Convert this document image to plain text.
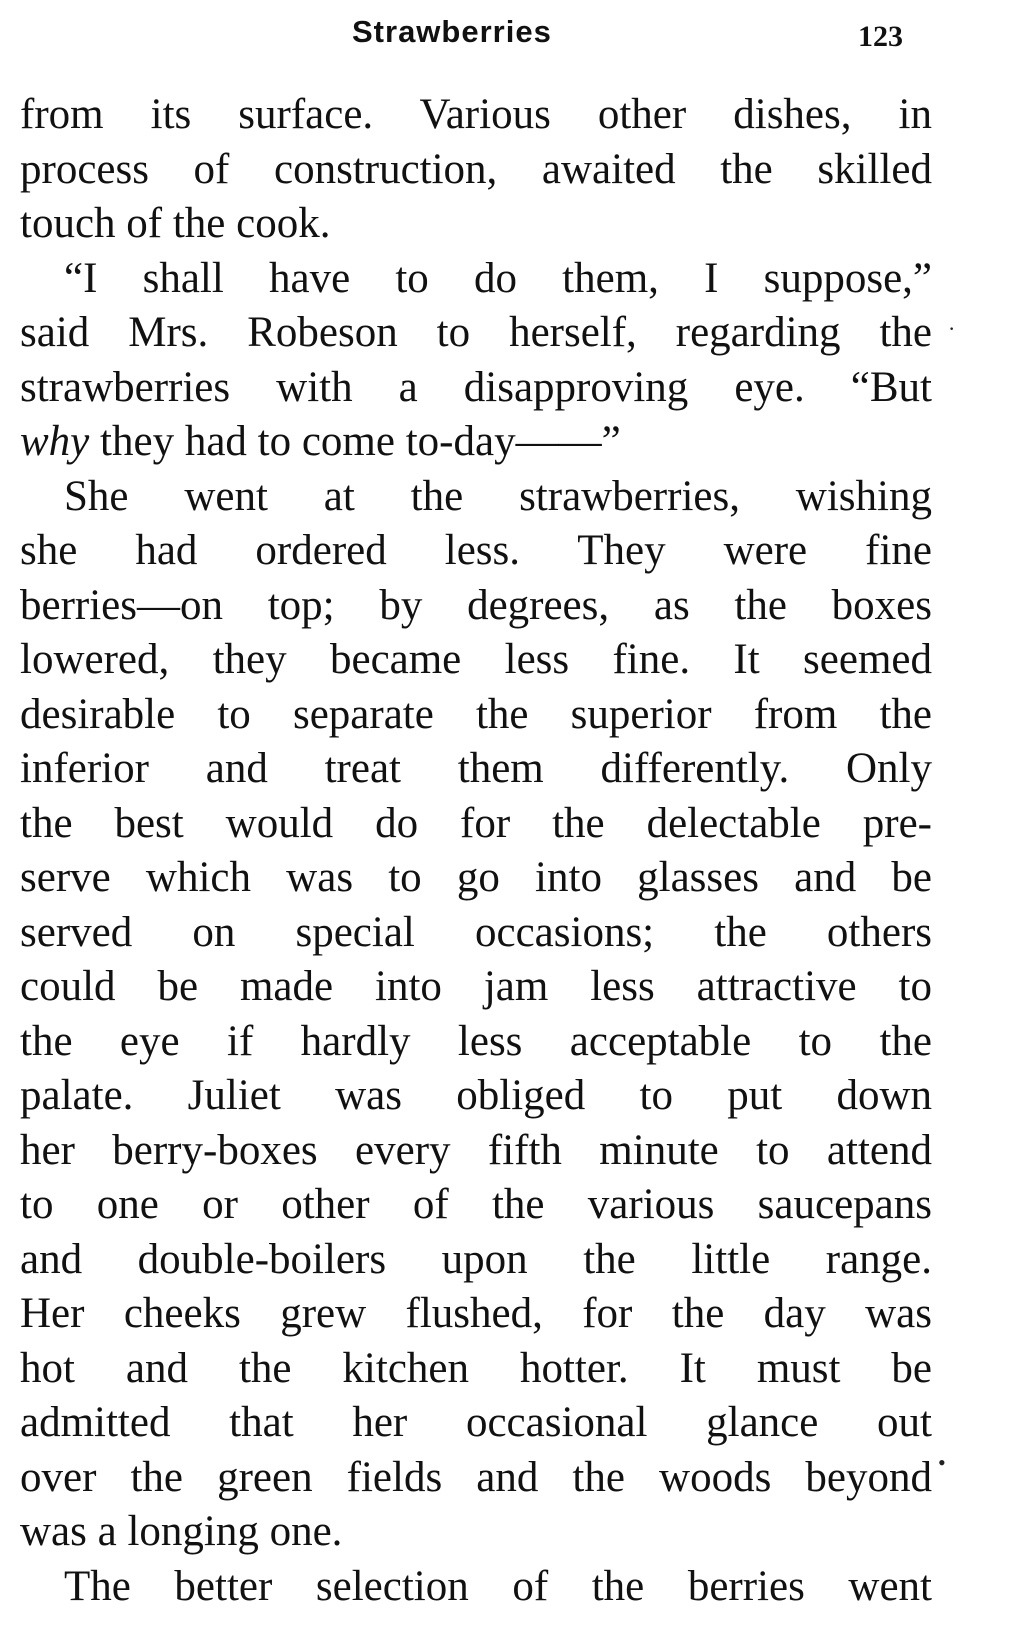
Strawberries	123
from its surface. Various other dishes, in
process of construction, awaited the skilled
touch of the cook.
“I shall have to do them, I suppose,”
said Mrs. Robeson to herself, regarding the
strawberries with a disapproving eye. “But
why they had to come to-day——”
She went at the strawberries, wishing
she had ordered less. They were fine
berries—on top; by degrees, as the boxes
lowered, they became less fine. It seemed
desirable to separate the superior from the
inferior and treat them differently. Only
the best would do for the delectable pre-
serve which was to go into glasses and be
served on special occasions; the others
could be made into jam less attractive to
the eye if hardly less acceptable to the
palate. Juliet was obliged to put down
her berry-boxes every fifth minute to attend
to one or other of the various saucepans
and double-boilers upon the little range.
Her cheeks grew flushed, for the day was
hot and the kitchen hotter. It must be
admitted that her occasional glance out
over the green fields and the woods beyond
was a longing one.
The better selection of the berries went
·
•
